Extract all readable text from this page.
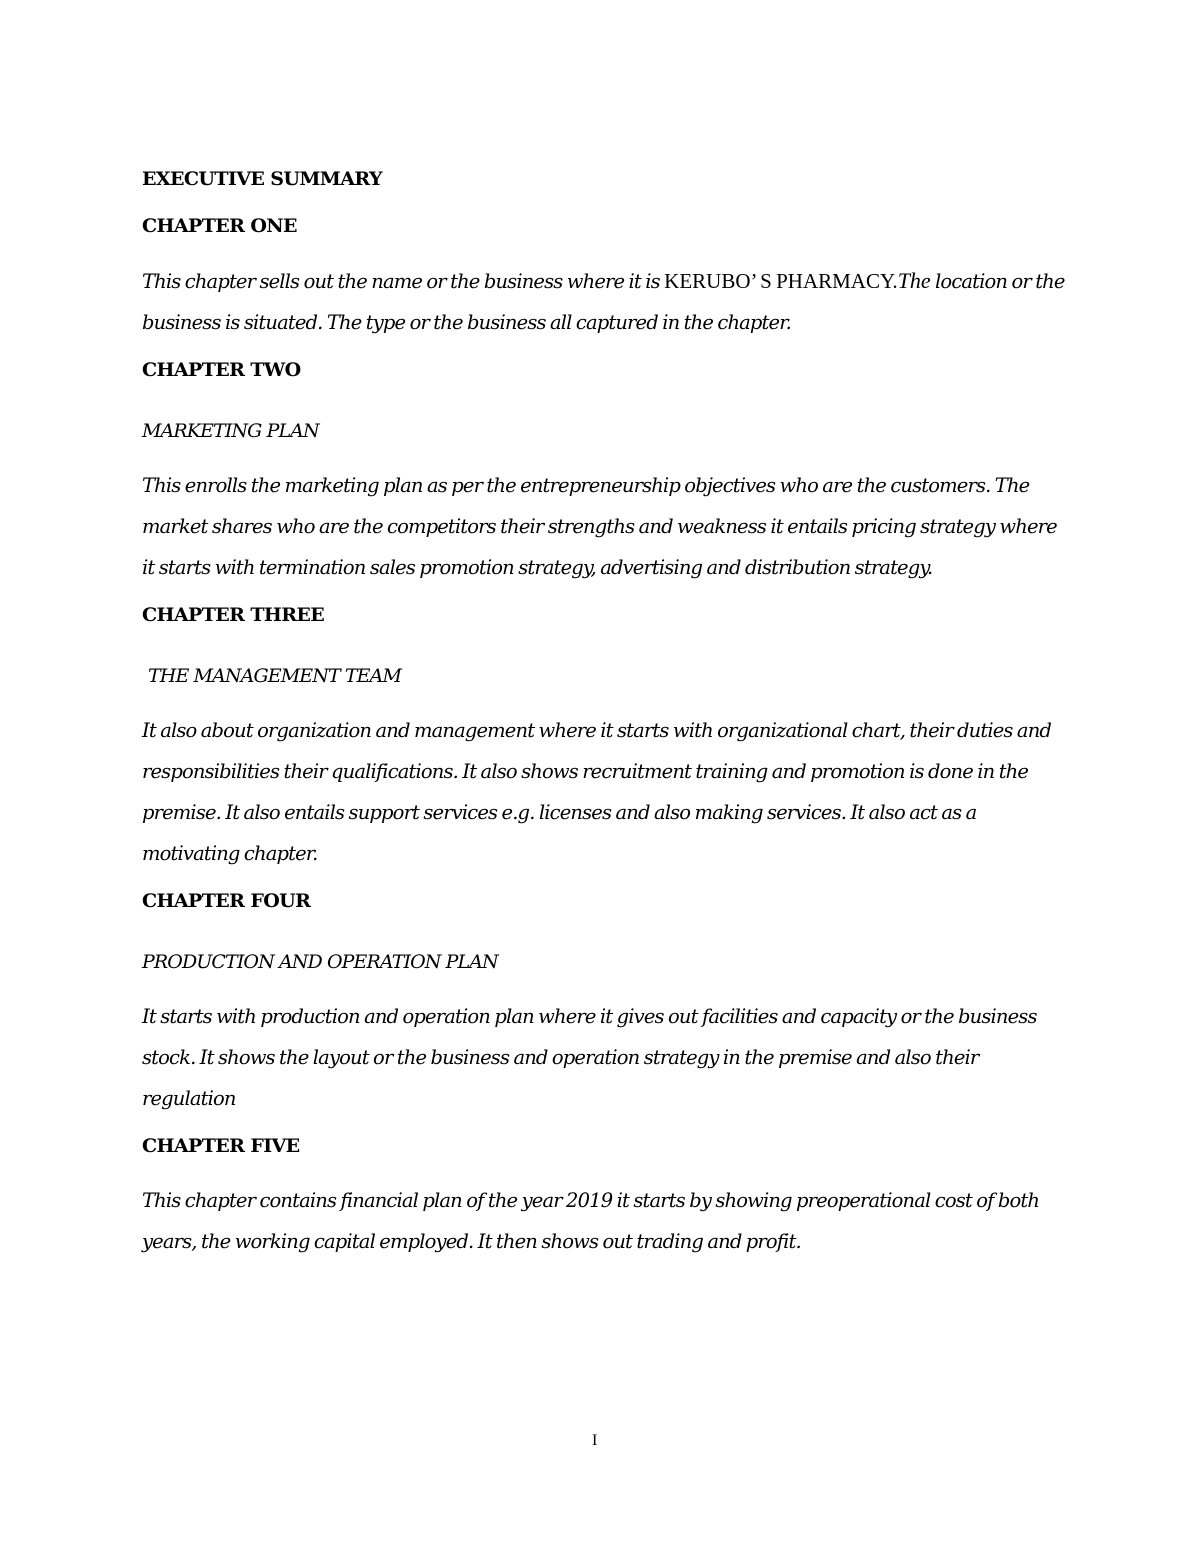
EXECUTIVE SUMMARY

CHAPTER ONE

This chapter sells out the name or the business where it is KERUBO’ S PHARMACY.The location or the business is situated. The type or the business all captured in the chapter.

CHAPTER TWO

MARKETING PLAN

This enrolls the marketing plan as per the entrepreneurship objectives who are the customers. The market shares who are the competitors their strengths and weakness it entails pricing strategy where it starts with termination sales promotion strategy, advertising and distribution strategy.

CHAPTER THREE

THE MANAGEMENT TEAM

It also about organization and management where it starts with organizational chart, their duties and responsibilities their qualifications. It also shows recruitment training and promotion is done in the premise. It also entails support services e.g. licenses and also making services. It also act as a motivating chapter.

CHAPTER FOUR

PRODUCTION AND OPERATION PLAN

It starts with production and operation plan where it gives out facilities and capacity or the business stock. It shows the layout or the business and operation strategy in the premise and also their regulation

CHAPTER FIVE

This chapter contains financial plan of the year 2019 it starts by showing preoperational cost of both years, the working capital employed. It then shows out trading and profit.

I
